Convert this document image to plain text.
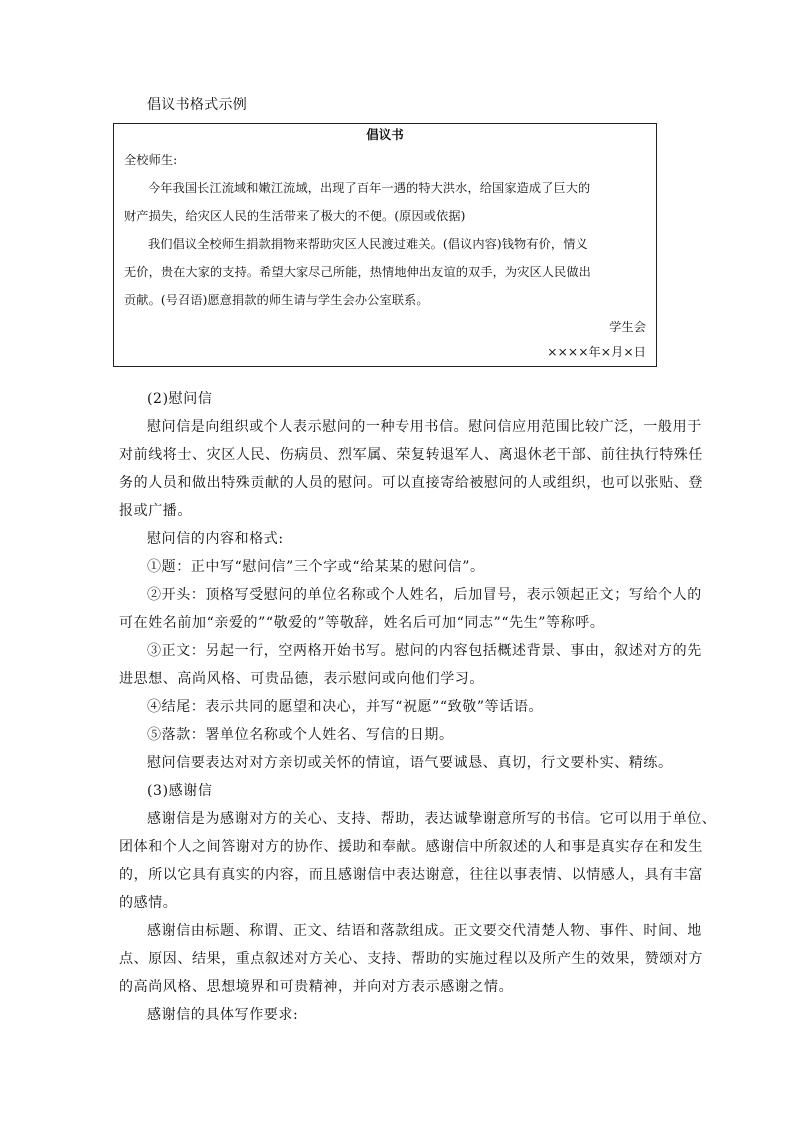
倡议书格式示例
倡议书
全校师生:
今年我国长江流域和嫩江流域，出现了百年一遇的特大洪水，给国家造成了巨大的
财产损失，给灾区人民的生活带来了极大的不便。(原因或依据)
我们倡议全校师生捐款捐物来帮助灾区人民渡过难关。(倡议内容)钱物有价，情义
无价，贵在大家的支持。希望大家尽己所能，热情地伸出友谊的双手，为灾区人民做出
贡献。(号召语)愿意捐款的师生请与学生会办公室联系。
学生会
××××年×月×日
(2)慰问信
慰问信是向组织或个人表示慰问的一种专用书信。慰问信应用范围比较广泛，一般用于
对前线将士、灾区人民、伤病员、烈军属、荣复转退军人、离退休老干部、前往执行特殊任
务的人员和做出特殊贡献的人员的慰问。可以直接寄给被慰问的人或组织，也可以张贴、登
报或广播。
慰问信的内容和格式:
①题：正中写“慰问信”三个字或“给某某的慰问信”。
②开头：顶格写受慰问的单位名称或个人姓名，后加冒号，表示领起正文；写给个人的
可在姓名前加“亲爱的”“敬爱的”等敬辞，姓名后可加“同志”“先生”等称呼。
③正文：另起一行，空两格开始书写。慰问的内容包括概述背景、事由，叙述对方的先
进思想、高尚风格、可贵品德，表示慰问或向他们学习。
④结尾：表示共同的愿望和决心，并写“祝愿”“致敬”等话语。
⑤落款：署单位名称或个人姓名、写信的日期。
慰问信要表达对对方亲切或关怀的情谊，语气要诚恳、真切，行文要朴实、精练。
(3)感谢信
感谢信是为感谢对方的关心、支持、帮助，表达诚挚谢意所写的书信。它可以用于单位、
团体和个人之间答谢对方的协作、援助和奉献。感谢信中所叙述的人和事是真实存在和发生
的，所以它具有真实的内容，而且感谢信中表达谢意，往往以事表情、以情感人，具有丰富
的感情。
感谢信由标题、称谓、正文、结语和落款组成。正文要交代清楚人物、事件、时间、地
点、原因、结果，重点叙述对方关心、支持、帮助的实施过程以及所产生的效果，赞颂对方
的高尚风格、思想境界和可贵精神，并向对方表示感谢之情。
感谢信的具体写作要求:
